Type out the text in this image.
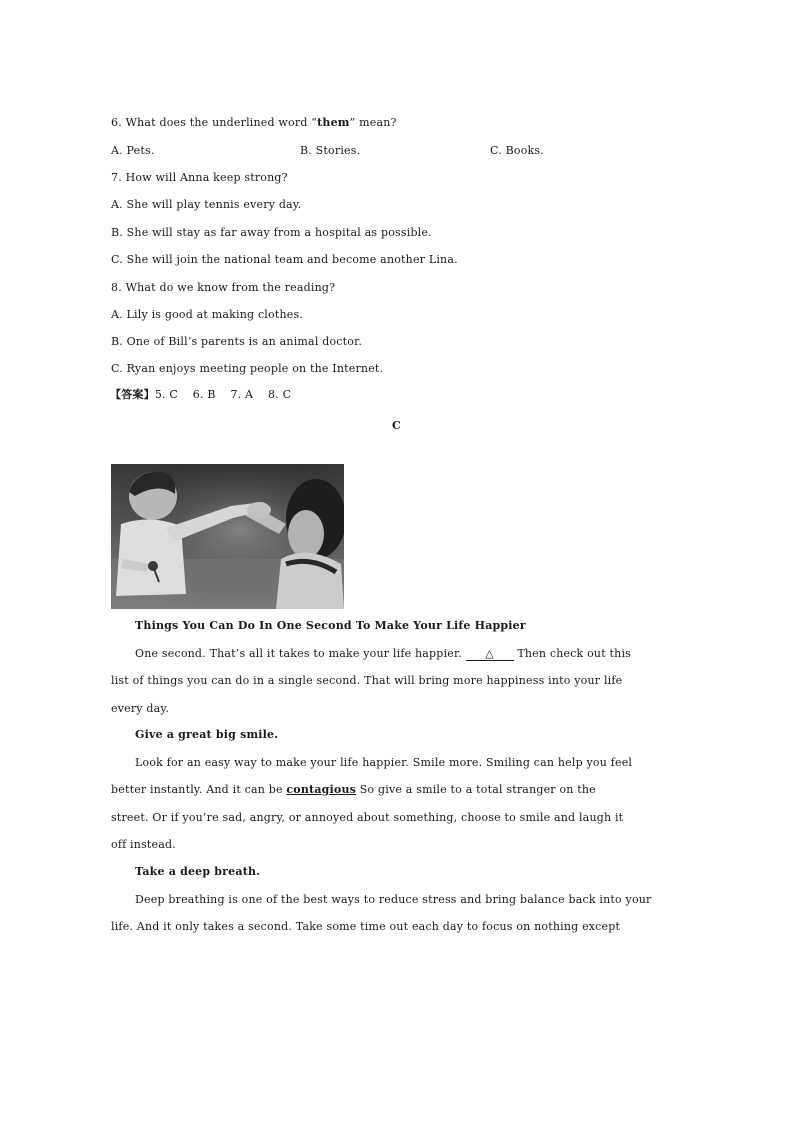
6. What does the underlined word “them” mean?
A. Pets.	B. Stories.	C. Books.
7. How will Anna keep strong?
A. She will play tennis every day.
B. She will stay as far away from a hospital as possible.
C. She will join the national team and become another Lina.
8. What do we know from the reading?
A. Lily is good at making clothes.
B. One of Bill’s parents is an animal doctor.
C. Ryan enjoys meeting people on the Internet.
【答案】5. C    6. B    7. A    8. C
C
Things You Can Do In One Second To Make Your Life Happier
One second. That’s all it takes to make your life happier. △ Then check out this
list of things you can do in a single second. That will bring more happiness into your life
every day.
Give a great big smile.
Look for an easy way to make your life happier. Smile more. Smiling can help you feel
better instantly. And it can be contagious So give a smile to a total stranger on the
street. Or if you’re sad, angry, or annoyed about something, choose to smile and laugh it
off instead.
Take a deep breath.
Deep breathing is one of the best ways to reduce stress and bring balance back into your
life. And it only takes a second. Take some time out each day to focus on nothing except
